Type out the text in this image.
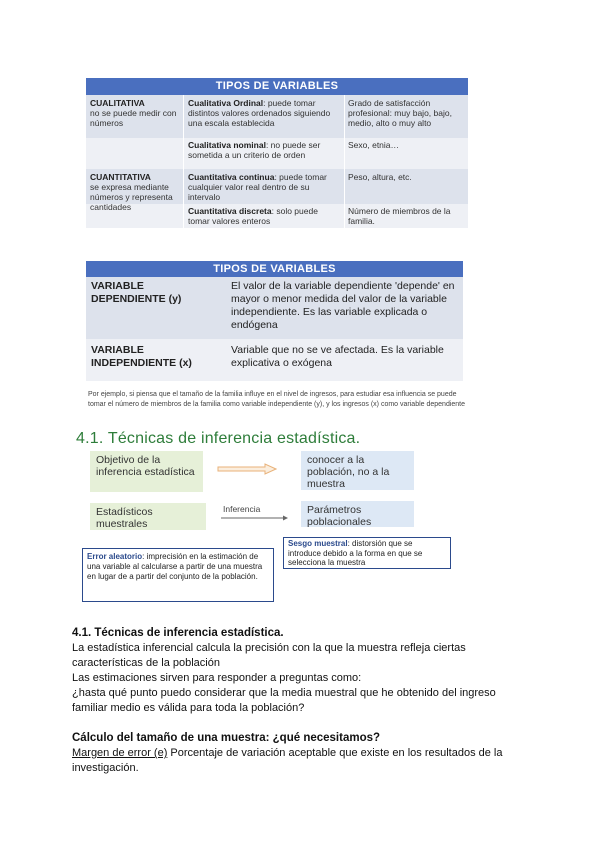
TIPOS DE VARIABLES
CUALITATIVA
no se puede medir con números
CUANTITATIVA
se expresa mediante números y representa cantidades
Cualitativa Ordinal: puede tomar distintos valores ordenados siguiendo una escala establecida
Grado de satisfacción profesional: muy bajo, bajo, medio, alto o muy alto
Cualitativa nominal: no puede ser sometida a un criterio de orden
Sexo, etnia…
Cuantitativa continua: puede tomar cualquier valor real dentro de su intervalo
Peso, altura, etc.
Cuantitativa discreta: solo puede tomar valores enteros
Número de miembros de la familia.
TIPOS DE VARIABLES
VARIABLE DEPENDIENTE (y)
El valor de la variable dependiente 'depende' en mayor o menor medida del valor de la variable independiente. Es las variable explicada o endógena
VARIABLE INDEPENDIENTE (x)
Variable que no se ve afectada. Es la variable explicativa o exógena
Por ejemplo, si piensa que el tamaño de la familia influye en el nivel de ingresos, para estudiar esa influencia se puede tomar el número de miembros de la familia como variable independiente (y), y los ingresos (x) como variable dependiente
4.1. Técnicas de inferencia estadística.
Objetivo de la inferencia estadística
conocer a la población, no a la muestra
Estadísticos muestrales
Parámetros poblacionales
Inferencia
Sesgo muestral: distorsión que se introduce debido a la forma en que se selecciona la muestra
Error aleatorio: imprecisión en la estimación de una variable al calcularse a partir de una muestra en lugar de a partir del conjunto de la población.
4.1. Técnicas de inferencia estadística.
La estadística inferencial calcula la precisión con la que la muestra refleja ciertas características de la población
Las estimaciones sirven para responder a preguntas como:
¿hasta qué punto puedo considerar que la media muestral que he obtenido del ingreso familiar medio es válida para toda la población?
Cálculo del tamaño de una muestra: ¿qué necesitamos?
Margen de error (e) Porcentaje de variación aceptable que existe en los resultados de la investigación.
